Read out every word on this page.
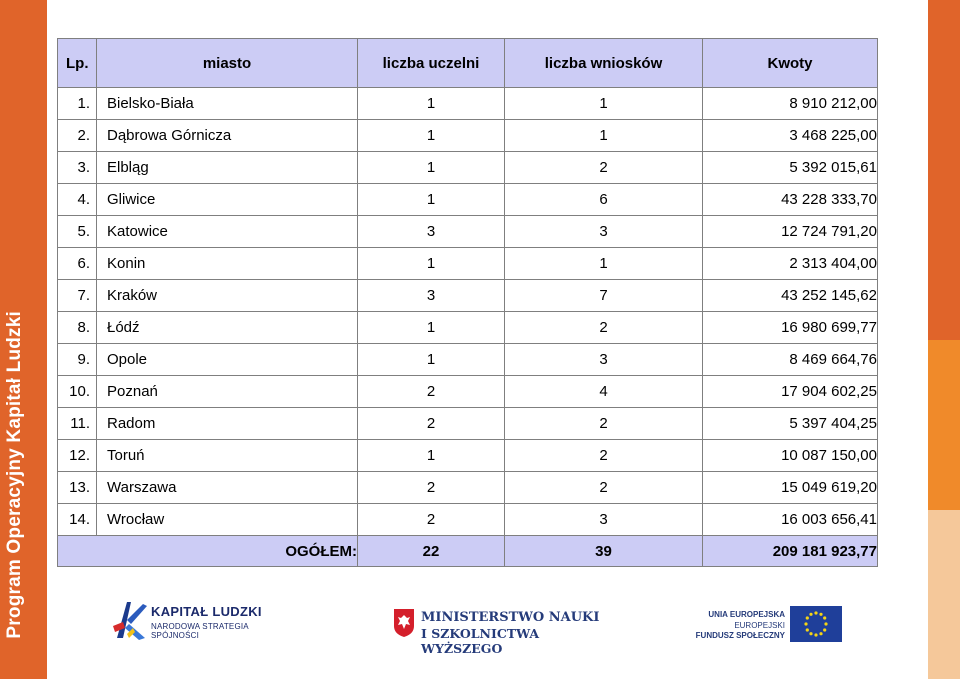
Program Operacyjny Kapitał Ludzki
Lp.	miasto	liczba uczelni	liczba wniosków	Kwoty
1.	Bielsko-Biała	1	1	8 910 212,00
2.	Dąbrowa Górnicza	1	1	3 468 225,00
3.	Elbląg	1	2	5 392 015,61
4.	Gliwice	1	6	43 228 333,70
5.	Katowice	3	3	12 724 791,20
6.	Konin	1	1	2 313 404,00
7.	Kraków	3	7	43 252 145,62
8.	Łódź	1	2	16 980 699,77
9.	Opole	1	3	8 469 664,76
10.	Poznań	2	4	17 904 602,25
11.	Radom	2	2	5 397 404,25
12.	Toruń	1	2	10 087 150,00
13.	Warszawa	2	2	15 049 619,20
14.	Wrocław	2	3	16 003 656,41
	OGÓŁEM:	22	39	209 181 923,77
KAPITAŁ LUDZKI
NARODOWA STRATEGIA SPÓJNOŚCI
MINISTERSTWO NAUKI
I SZKOLNICTWA WYŻSZEGO
UNIA EUROPEJSKA
EUROPEJSKI
FUNDUSZ SPOŁECZNY
